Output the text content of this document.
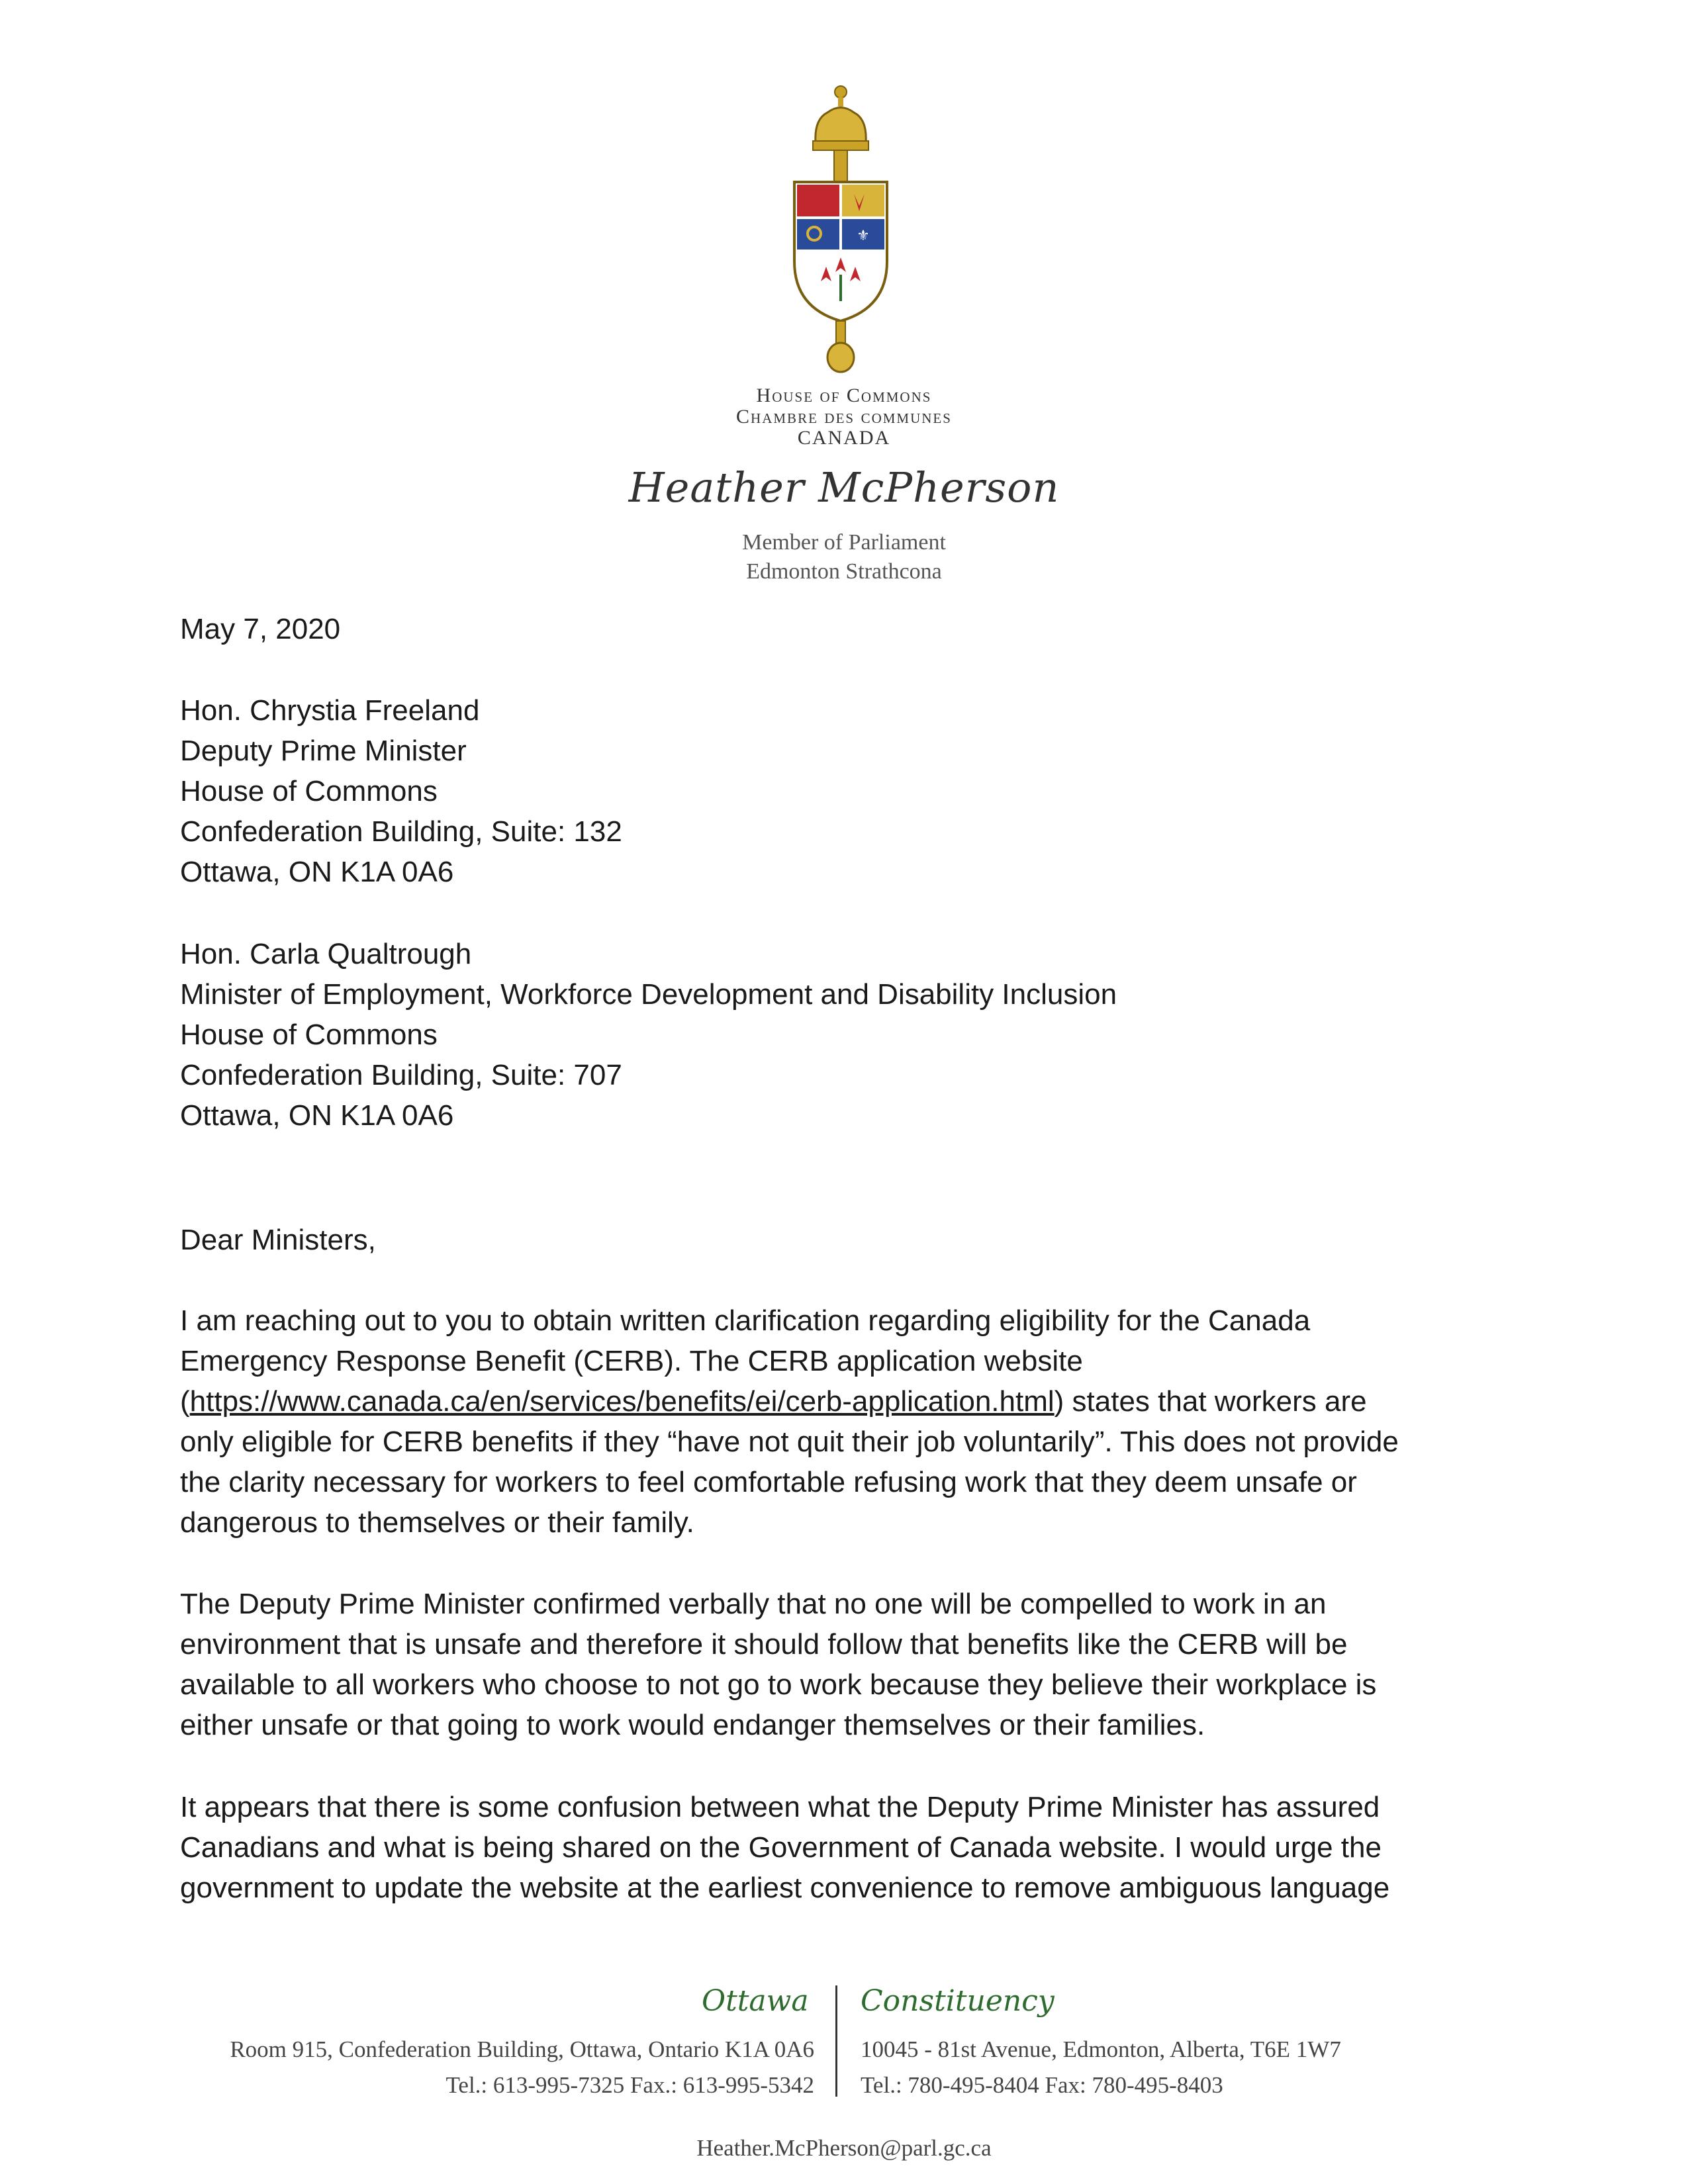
⚜
House of Commons
Chambre des communes
CANADA
Heather McPherson
Member of Parliament
Edmonton Strathcona
May 7, 2020
Hon. Chrystia Freeland
Deputy Prime Minister
House of Commons
Confederation Building, Suite: 132
Ottawa, ON K1A 0A6
Hon. Carla Qualtrough
Minister of Employment, Workforce Development and Disability Inclusion
House of Commons
Confederation Building, Suite: 707
Ottawa, ON K1A 0A6
Dear Ministers,
I am reaching out to you to obtain written clarification regarding eligibility for the Canada
Emergency Response Benefit (CERB). The CERB application website
(https://www.canada.ca/en/services/benefits/ei/cerb-application.html) states that workers are
only eligible for CERB benefits if they “have not quit their job voluntarily”. This does not provide
the clarity necessary for workers to feel comfortable refusing work that they deem unsafe or
dangerous to themselves or their family.
The Deputy Prime Minister confirmed verbally that no one will be compelled to work in an
environment that is unsafe and therefore it should follow that benefits like the CERB will be
available to all workers who choose to not go to work because they believe their workplace is
either unsafe or that going to work would endanger themselves or their families.
It appears that there is some confusion between what the Deputy Prime Minister has assured
Canadians and what is being shared on the Government of Canada website. I would urge the
government to update the website at the earliest convenience to remove ambiguous language
Ottawa Constituency
Room 915, Confederation Building, Ottawa, Ontario K1A 0A6
Tel.: 613-995-7325 Fax.: 613-995-5342
10045 - 81st Avenue, Edmonton, Alberta, T6E 1W7
Tel.: 780-495-8404 Fax: 780-495-8403
Heather.McPherson@parl.gc.ca
